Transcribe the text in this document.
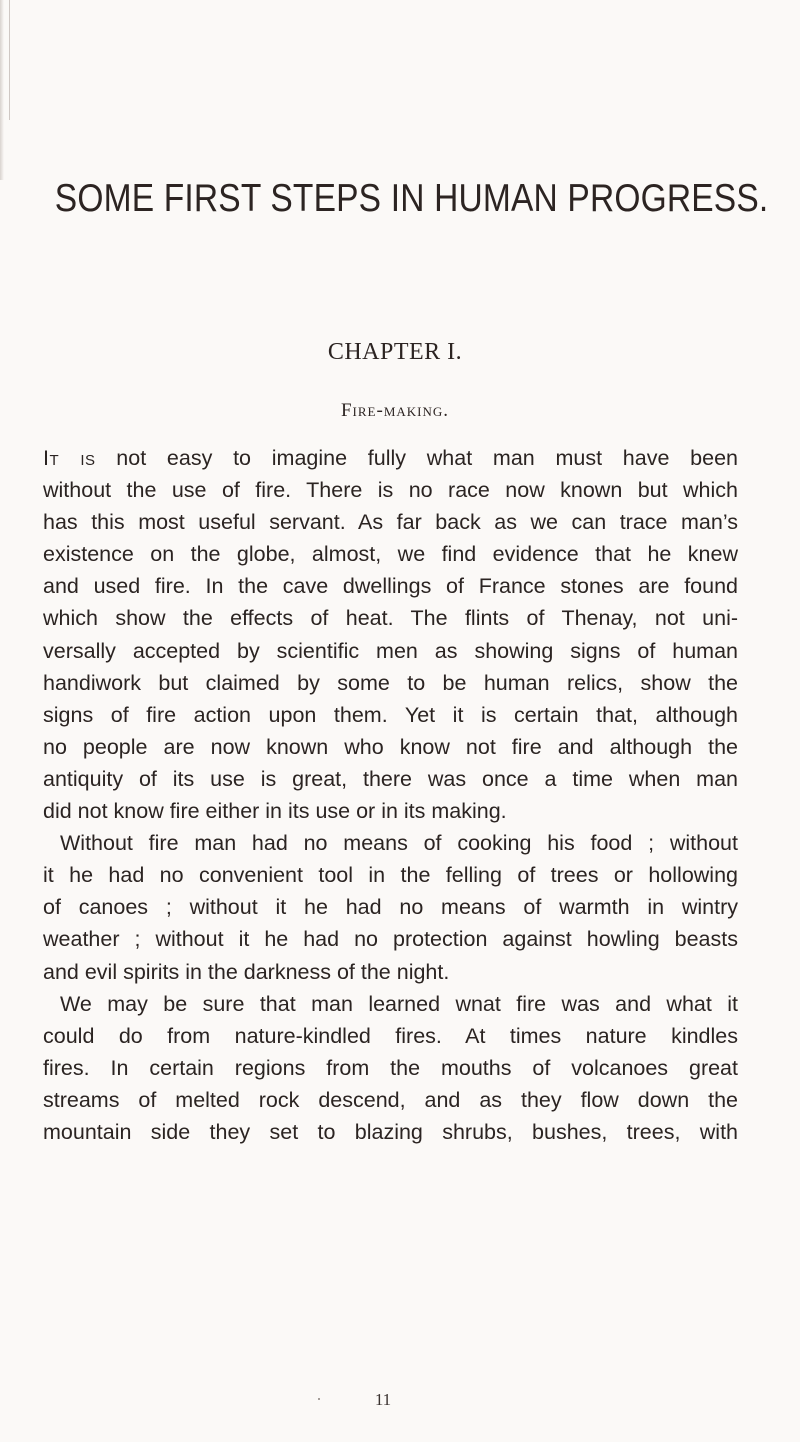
SOME FIRST STEPS IN HUMAN PROGRESS.
CHAPTER I.
Fire-making.
It is not easy to imagine fully what man must have been
without the use of fire. There is no race now known but which
has this most useful servant. As far back as we can trace man’s
existence on the globe, almost, we find evidence that he knew
and used fire. In the cave dwellings of France stones are found
which show the effects of heat. The flints of Thenay, not uni-
versally accepted by scientific men as showing signs of human
handiwork but claimed by some to be human relics, show the
signs of fire action upon them. Yet it is certain that, although
no people are now known who know not fire and although the
antiquity of its use is great, there was once a time when man
did not know fire either in its use or in its making.
Without fire man had no means of cooking his food ; without
it he had no convenient tool in the felling of trees or hollowing
of canoes ; without it he had no means of warmth in wintry
weather ; without it he had no protection against howling beasts
and evil spirits in the darkness of the night.
We may be sure that man learned wnat fire was and what it
could do from nature-kindled fires. At times nature kindles
fires. In certain regions from the mouths of volcanoes great
streams of melted rock descend, and as they flow down the
mountain side they set to blazing shrubs, bushes, trees, with
11
